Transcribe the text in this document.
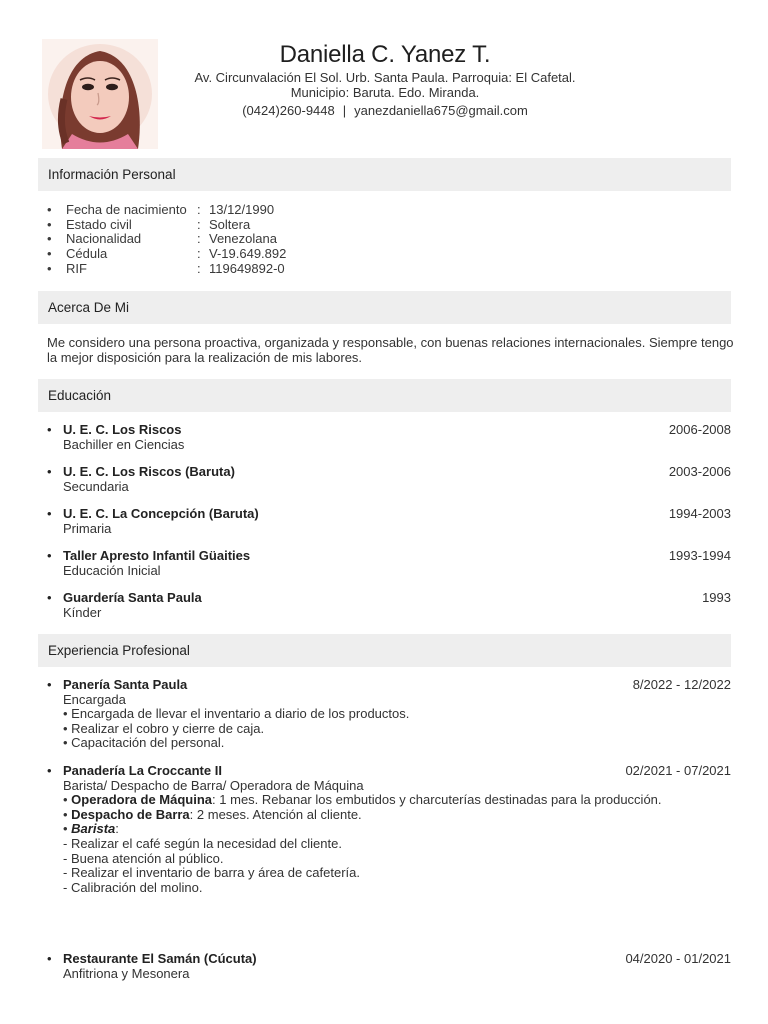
Daniella C. Yanez T.
Av. Circunvalación El Sol. Urb. Santa Paula. Parroquia: El Cafetal.
Municipio: Baruta. Edo. Miranda.
(0424)260-9448 | yanezdaniella675@gmail.com
Información Personal
•	Fecha de nacimiento : 13/12/1990
•	Estado civil	: Soltera
•	Nacionalidad	: Venezolana
•	Cédula	: V-19.649.892
•	RIF	: 119649892-0
Acerca De Mi
Me considero una persona proactiva, organizada y responsable, con buenas relaciones internacionales. Siempre tengo la mejor disposición para la realización de mis labores.
Educación
• U. E. C. Los Riscos	2006-2008
Bachiller en Ciencias
• U. E. C. Los Riscos (Baruta)	2003-2006
Secundaria
• U. E. C. La Concepción (Baruta)	1994-2003
Primaria
• Taller Apresto Infantil Güaities	1993-1994
Educación Inicial
• Guardería Santa Paula	1993
Kínder
Experiencia Profesional
• Panería Santa Paula	8/2022 - 12/2022
Encargada
• Encargada de llevar el inventario a diario de los productos.
• Realizar el cobro y cierre de caja.
• Capacitación del personal.
• Panadería La Croccante II	02/2021 - 07/2021
Barista/ Despacho de Barra/ Operadora de Máquina
• Operadora de Máquina: 1 mes. Rebanar los embutidos y charcuterías destinadas para la producción.
• Despacho de Barra: 2 meses. Atención al cliente.
• Barista:
- Realizar el café según la necesidad del cliente.
- Buena atención al público.
- Realizar el inventario de barra y área de cafetería.
- Calibración del molino.
• Restaurante El Samán (Cúcuta)	04/2020 - 01/2021
Anfitriona y Mesonera
